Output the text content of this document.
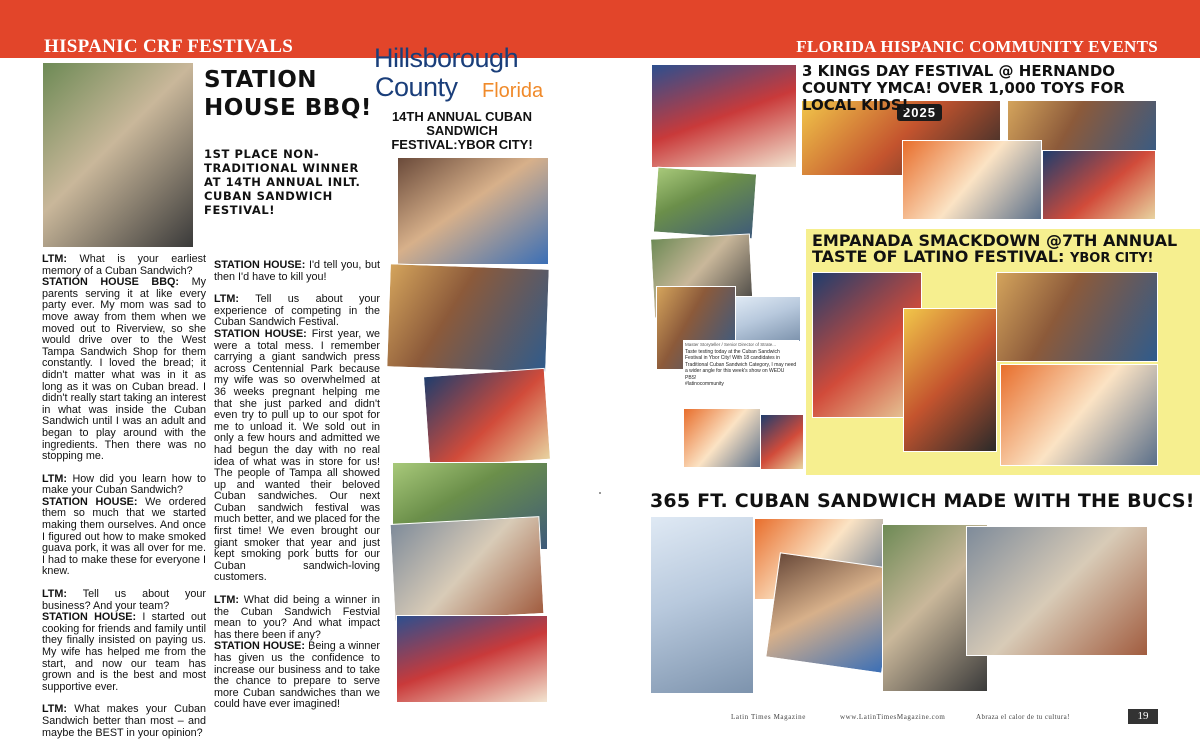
HISPANIC CRF FESTIVALS	FLORIDA HISPANIC COMMUNITY EVENTS
STATION HOUSE BBQ!
1ST PLACE NON-TRADITIONAL WINNER AT 14TH ANNUAL INLT. CUBAN SANDWICH FESTIVAL!

LTM: What is your earliest memory of a Cuban Sandwich?
STATION HOUSE BBQ: My parents serving it at like every party ever. My mom was sad to move away from them when we moved out to Riverview, so she would drive over to the West Tampa Sandwich Shop for them constantly. I loved the bread; it didn't matter what was in it as long as it was on Cuban bread. I didn't really start taking an interest in what was inside the Cuban Sandwich until I was an adult and began to play around with the ingredients. Then there was no stopping me.

LTM: How did you learn how to make your Cuban Sandwich?
STATION HOUSE: We ordered them so much that we started making them ourselves. And once I figured out how to make smoked guava pork, it was all over for me. I had to make these for everyone I knew.

LTM: Tell us about your business? And your team?
STATION HOUSE: I started out cooking for friends and family until they finally insisted on paying us. My wife has helped me from the start, and now our team has grown and is the best and most supportive ever.

LTM: What makes your Cuban Sandwich better than most – and maybe the BEST in your opinion?

STATION HOUSE: I'd tell you, but then I'd have to kill you!

LTM: Tell us about your experience of competing in the Cuban Sandwich Festival.
STATION HOUSE: First year, we were a total mess. I remember carrying a giant sandwich press across Centennial Park because my wife was so overwhelmed at 36 weeks pregnant helping me that she just parked and didn't even try to pull up to our spot for me to unload it. We sold out in only a few hours and admitted we had begun the day with no real idea of what was in store for us! The people of Tampa all showed up and wanted their beloved Cuban sandwiches. Our next Cuban sandwich festival was much better, and we placed for the first time! We even brought our giant smoker that year and just kept smoking pork butts for our Cuban sandwich-loving customers.

LTM: What did being a winner in the Cuban Sandwich Festvial mean to you? And what impact has there been if any?
STATION HOUSE: Being a winner has given us the confidence to increase our business and to take the chance to prepare to serve more Cuban sandwiches than we could have ever imagined!

Hillsborough
County Florida
14TH ANNUAL CUBAN SANDWICH FESTIVAL:YBOR CITY!
2025
3 KINGS DAY FESTIVAL @ HERNANDO COUNTY YMCA! OVER 1,000 TOYS FOR LOCAL KIDS!
Master Storyteller / Senior Director of Strate...
Taste testing today at the Cuban Sandwich Festival in Ybor City! With 18 candidates in Traditional Cuban Sandwich Category, I may need a wider angle for this week's show on WEDU PBS!
#latinocommunity
EMPANADA SMACKDOWN @7TH ANNUAL TASTE OF LATINO FESTIVAL: YBOR CITY!
365 FT. CUBAN SANDWICH MADE WITH THE BUCS!
Latin Times Magazine	www.LatinTimesMagazine.com	Abraza el calor de tu cultura!	19
